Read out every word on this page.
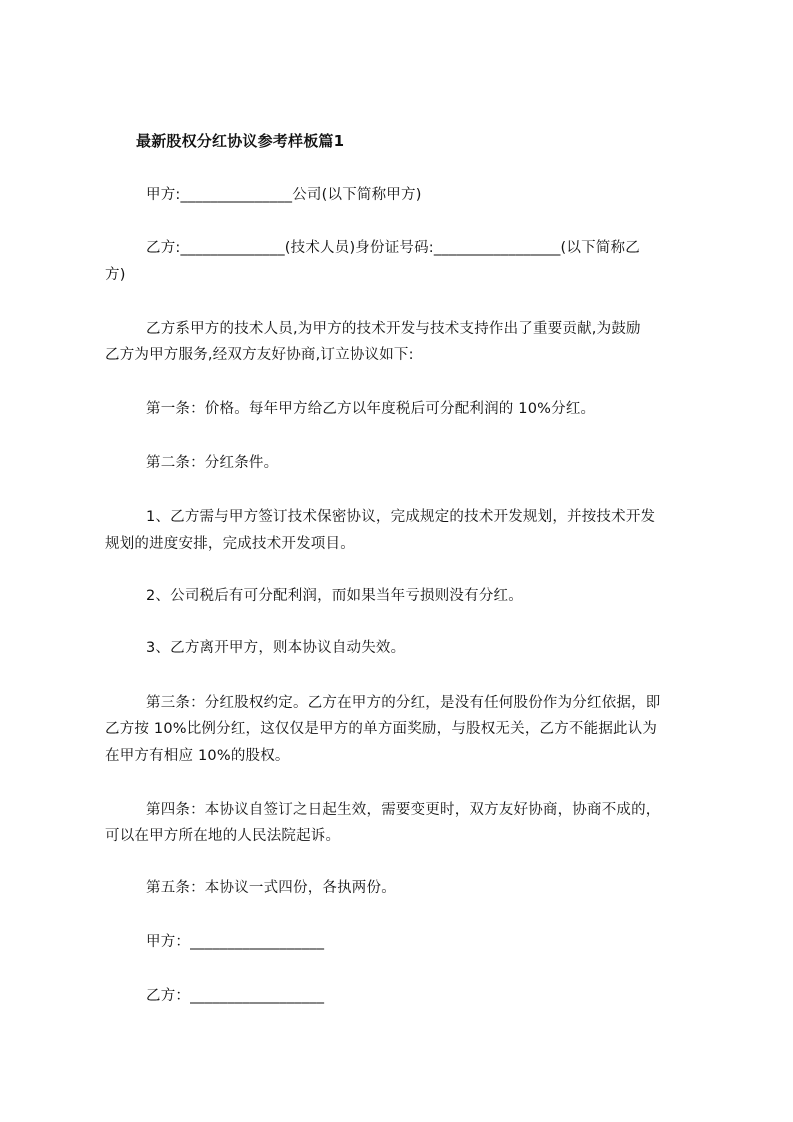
最新股权分红协议参考样板篇1
甲方:_______________公司(以下简称甲方)
乙方:______________(技术人员)身份证号码:_________________(以下简称乙
方)
乙方系甲方的技术人员,为甲方的技术开发与技术支持作出了重要贡献,为鼓励
乙方为甲方服务,经双方友好协商,订立协议如下:
第一条：价格。每年甲方给乙方以年度税后可分配利润的 10%分红。
第二条：分红条件。
1、乙方需与甲方签订技术保密协议，完成规定的技术开发规划，并按技术开发
规划的进度安排，完成技术开发项目。
2、公司税后有可分配利润，而如果当年亏损则没有分红。
3、乙方离开甲方，则本协议自动失效。
第三条：分红股权约定。乙方在甲方的分红，是没有任何股份作为分红依据，即
乙方按 10%比例分红，这仅仅是甲方的单方面奖励，与股权无关，乙方不能据此认为
在甲方有相应 10%的股权。
第四条：本协议自签订之日起生效，需要变更时，双方友好协商，协商不成的，
可以在甲方所在地的人民法院起诉。
第五条：本协议一式四份，各执两份。
甲方：__________________
乙方：__________________
